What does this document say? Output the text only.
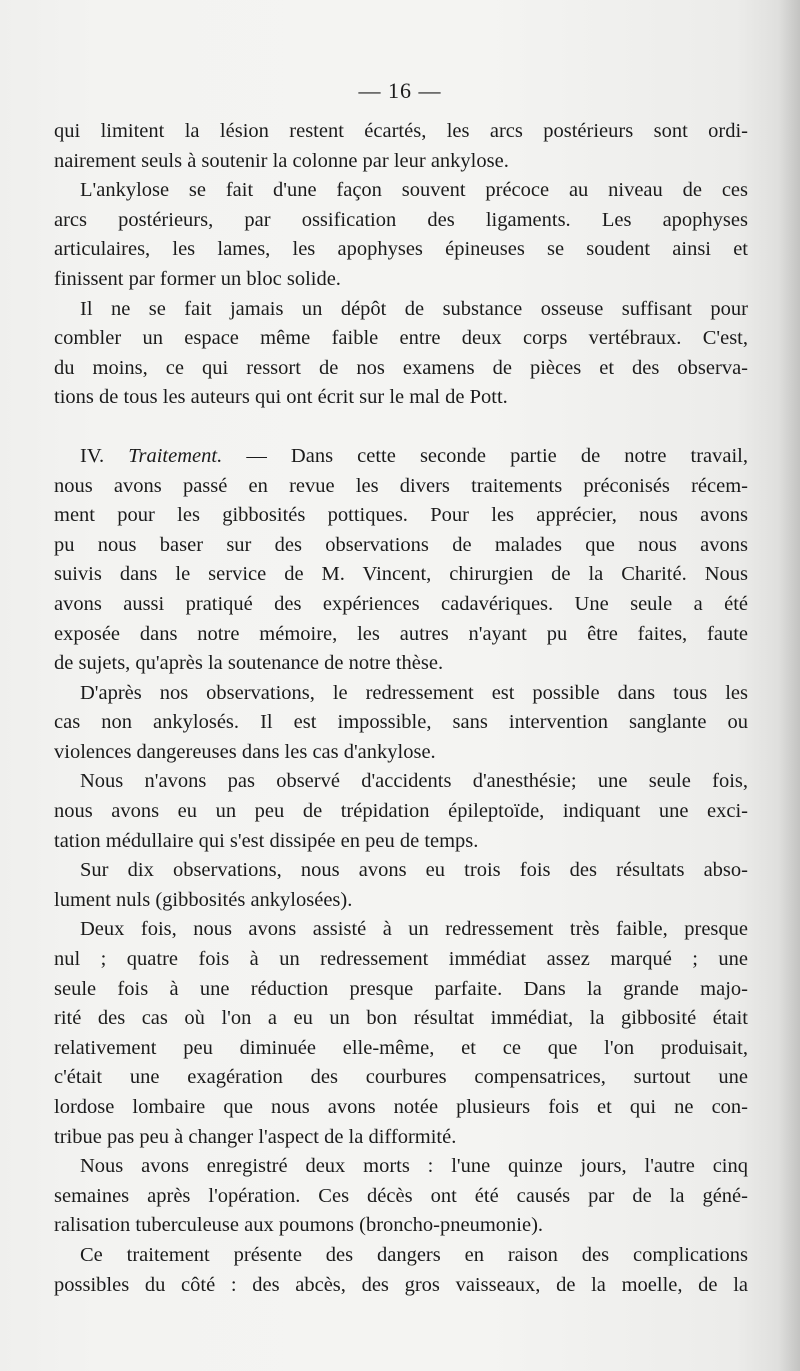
— 16 —

qui limitent la lésion restent écartés, les arcs postérieurs sont ordi-

nairement seuls à soutenir la colonne par leur ankylose.

L'ankylose se fait d'une façon souvent précoce au niveau de ces

arcs postérieurs, par ossification des ligaments. Les apophyses

articulaires, les lames, les apophyses épineuses se soudent ainsi et

finissent par former un bloc solide.

Il ne se fait jamais un dépôt de substance osseuse suffisant pour

combler un espace même faible entre deux corps vertébraux. C'est,

du moins, ce qui ressort de nos examens de pièces et des observa-

tions de tous les auteurs qui ont écrit sur le mal de Pott.

IV. Traitement. — Dans cette seconde partie de notre travail,

nous avons passé en revue les divers traitements préconisés récem-

ment pour les gibbosités pottiques. Pour les apprécier, nous avons

pu nous baser sur des observations de malades que nous avons

suivis dans le service de M. Vincent, chirurgien de la Charité. Nous

avons aussi pratiqué des expériences cadavériques. Une seule a été

exposée dans notre mémoire, les autres n'ayant pu être faites, faute

de sujets, qu'après la soutenance de notre thèse.

D'après nos observations, le redressement est possible dans tous les

cas non ankylosés. Il est impossible, sans intervention sanglante ou

violences dangereuses dans les cas d'ankylose.

Nous n'avons pas observé d'accidents d'anesthésie; une seule fois,

nous avons eu un peu de trépidation épileptoïde, indiquant une exci-

tation médullaire qui s'est dissipée en peu de temps.

Sur dix observations, nous avons eu trois fois des résultats abso-

lument nuls (gibbosités ankylosées).

Deux fois, nous avons assisté à un redressement très faible, presque

nul ; quatre fois à un redressement immédiat assez marqué ; une

seule fois à une réduction presque parfaite. Dans la grande majo-

rité des cas où l'on a eu un bon résultat immédiat, la gibbosité était

relativement peu diminuée elle-même, et ce que l'on produisait,

c'était une exagération des courbures compensatrices, surtout une

lordose lombaire que nous avons notée plusieurs fois et qui ne con-

tribue pas peu à changer l'aspect de la difformité.

Nous avons enregistré deux morts : l'une quinze jours, l'autre cinq

semaines après l'opération. Ces décès ont été causés par de la géné-

ralisation tuberculeuse aux poumons (broncho-pneumonie).

Ce traitement présente des dangers en raison des complications

possibles du côté : des abcès, des gros vaisseaux, de la moelle, de la
